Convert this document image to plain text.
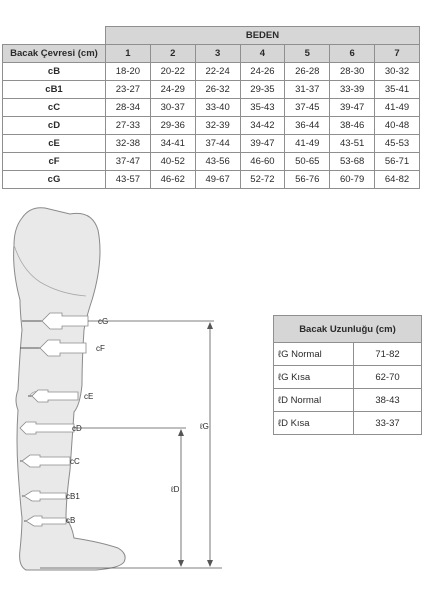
	BEDEN						
Bacak Çevresi (cm)	1	2	3	4	5	6	7
cB	18-20	20-22	22-24	24-26	26-28	28-30	30-32
cB1	23-27	24-29	26-32	29-35	31-37	33-39	35-41
cC	28-34	30-37	33-40	35-43	37-45	39-47	41-49
cD	27-33	29-36	32-39	34-42	36-44	38-46	40-48
cE	32-38	34-41	37-44	39-47	41-49	43-51	45-53
cF	37-47	40-52	43-56	46-60	50-65	53-68	56-71
cG	43-57	46-62	49-67	52-72	56-76	60-79	64-82
cG
cF
cE
cD
cC
cB1
cB
ℓG
ℓD
Bacak Uzunluğu (cm)	
ℓG Normal	71-82
ℓG Kısa	62-70
ℓD Normal	38-43
ℓD Kısa	33-37
